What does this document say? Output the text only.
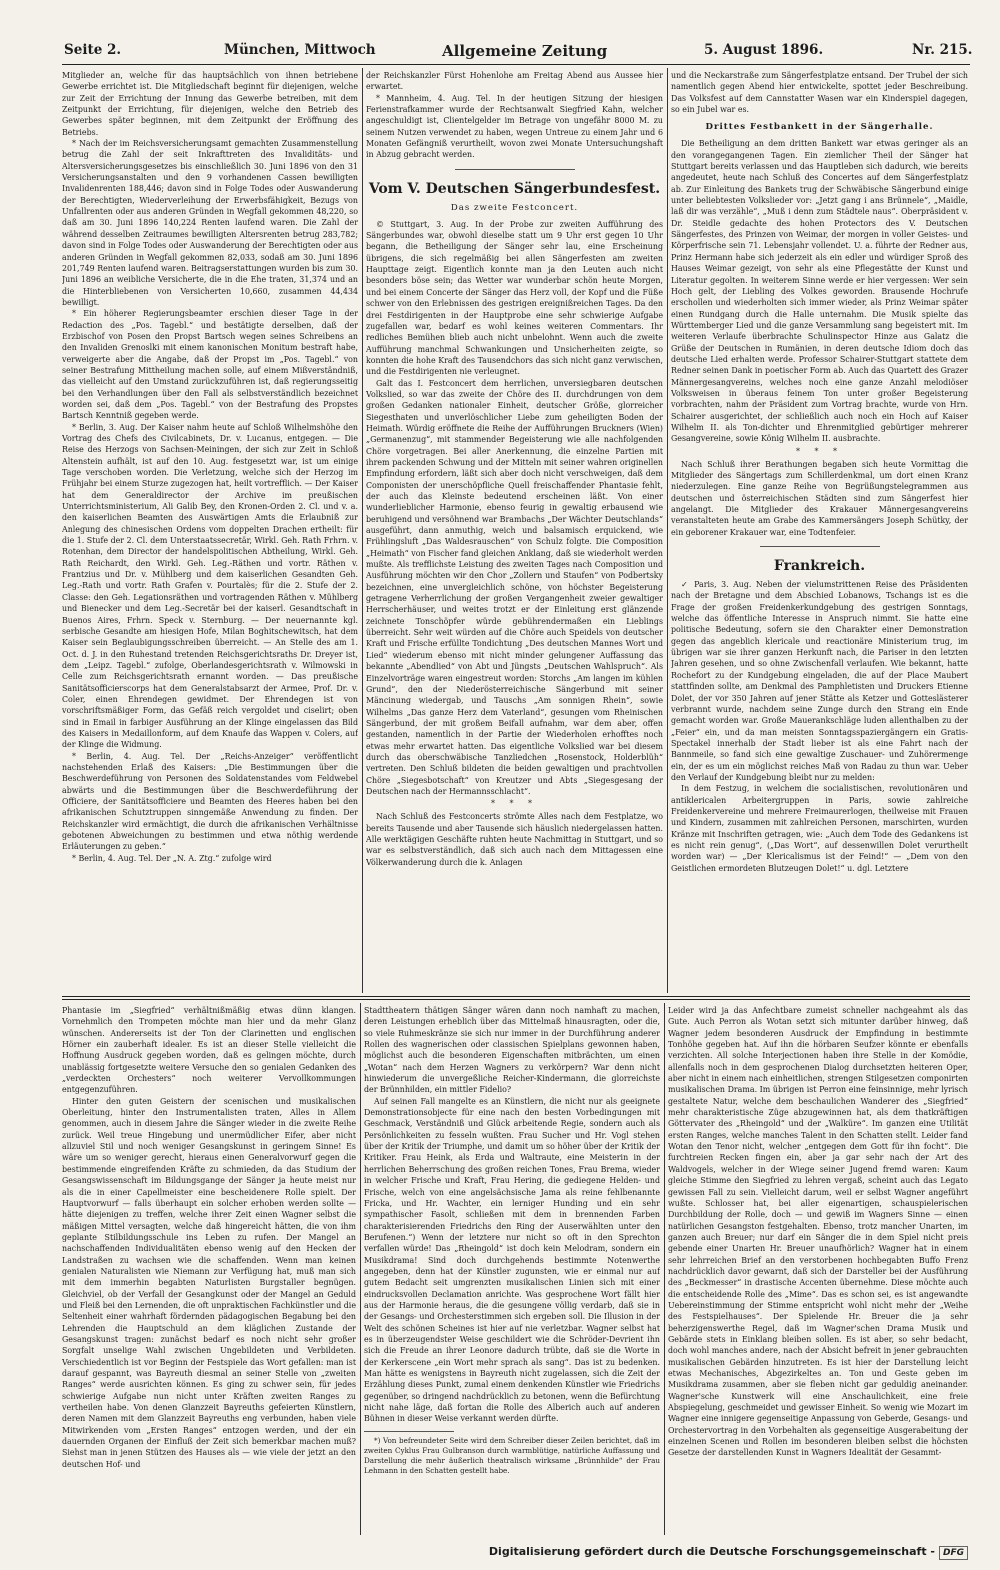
Seite 2.	München, Mittwoch	Allgemeine Zeitung	5. August 1896.	Nr. 215.

Mitglieder an, welche für das hauptsächlich von ihnen betriebene Gewerbe errichtet ist. Die Mitgliedschaft beginnt für diejenigen, welche zur Zeit der Errichtung der Innung das Gewerbe betreiben, mit dem Zeitpunkt der Errichtung, für diejenigen, welche den Betrieb des Gewerbes später beginnen, mit dem Zeitpunkt der Eröffnung des Betriebs.

* Nach der im Reichsversicherungsamt gemachten Zusammenstellung betrug die Zahl der seit Inkrafttreten des Invaliditäts- und Altersversicherungsgesetzes bis einschließlich 30. Juni 1896 von den 31 Versicherungsanstalten und den 9 vorhandenen Cassen bewilligten Invalidenrenten 188,446; davon sind in Folge Todes oder Auswanderung der Berechtigten, Wiederverleihung der Erwerbsfähigkeit, Bezugs von Unfallrenten oder aus anderen Gründen in Wegfall gekommen 48,220, so daß am 30. Juni 1896 140,224 Renten laufend waren. Die Zahl der während desselben Zeitraumes bewilligten Altersrenten betrug 283,782; davon sind in Folge Todes oder Auswanderung der Berechtigten oder aus anderen Gründen in Wegfall gekommen 82,033, sodaß am 30. Juni 1896 201,749 Renten laufend waren. Beitragserstattungen wurden bis zum 30. Juni 1896 an weibliche Versicherte, die in die Ehe traten, 31,374 und an die Hinterbliebenen von Versicherten 10,660, zusammen 44,434 bewilligt.

* Ein höherer Regierungsbeamter erschien dieser Tage in der Redaction des „Pos. Tagebl.“ und bestätigte derselben, daß der Erzbischof von Posen den Propst Bartsch wegen seines Schreibens an den Invaliden Grenoslki mit einem kanonischen Monitum bestraft habe, verweigerte aber die Angabe, daß der Propst im „Pos. Tagebl.“ von seiner Bestrafung Mittheilung machen solle, auf einem Mißverständniß, das vielleicht auf den Umstand zurückzuführen ist, daß regierungsseitig bei den Verhandlungen über den Fall als selbstverständlich bezeichnet worden sei, daß dem „Pos. Tagebl.“ von der Bestrafung des Propstes Bartsch Kenntniß gegeben werde.

* Berlin, 3. Aug. Der Kaiser nahm heute auf Schloß Wilhelmshöhe den Vortrag des Chefs des Civilcabinets, Dr. v. Lucanus, entgegen. — Die Reise des Herzogs von Sachsen-Meiningen, der sich zur Zeit in Schloß Altenstein aufhält, ist auf den 10. Aug. festgesetzt war, ist um einige Tage verschoben worden. Die Verletzung, welche sich der Herzog im Frühjahr bei einem Sturze zugezogen hat, heilt vortrefflich. — Der Kaiser hat dem Generaldirector der Archive im preußischen Unterrichtsministerium, Ali Galib Bey, den Kronen-Orden 2. Cl. und v. a. den kaiserlichen Beamten des Auswärtigen Amts die Erlaubniß zur Anlegung des chinesischen Ordens vom doppelten Drachen ertheilt: für die 1. Stufe der 2. Cl. dem Unterstaatssecretär, Wirkl. Geh. Rath Frhrn. v. Rotenhan, dem Director der handelspolitischen Abtheilung, Wirkl. Geh. Rath Reichardt, den Wirkl. Geh. Leg.-Räthen und vortr. Räthen v. Frantzius und Dr. v. Mühlberg und dem kaiserlichen Gesandten Geh. Leg.-Rath und vortr. Rath Grafen v. Pourtalès; für die 2. Stufe der 2. Classe: den Geh. Legationsräthen und vortragenden Räthen v. Mühlberg und Bienecker und dem Leg.-Secretär bei der kaiserl. Gesandtschaft in Buenos Aires, Frhrn. Speck v. Sternburg. — Der neuernannte kgl. serbische Gesandte am hiesigen Hofe, Milan Boghitschewitsch, hat dem Kaiser sein Beglaubigungsschreiben überreicht. — An Stelle des am 1. Oct. d. J. in den Ruhestand tretenden Reichsgerichtsraths Dr. Dreyer ist, dem „Leipz. Tagebl.“ zufolge, Oberlandesgerichtsrath v. Wilmowski in Celle zum Reichsgerichtsrath ernannt worden. — Das preußische Sanitätsofficierscorps hat dem Generalstabsarzt der Armee, Prof. Dr. v. Coler, einen Ehrendegen gewidmet. Der Ehrendegen ist von vorschriftsmäßiger Form, das Gefäß reich vergoldet und ciselirt; oben sind in Email in farbiger Ausführung an der Klinge eingelassen das Bild des Kaisers in Medaillonform, auf dem Knaufe das Wappen v. Colers, auf der Klinge die Widmung.

* Berlin, 4. Aug. Tel. Der „Reichs-Anzeiger“ veröffentlicht nachstehenden Erlaß des Kaisers: „Die Bestimmungen über die Beschwerdeführung von Personen des Soldatenstandes vom Feldwebel abwärts und die Bestimmungen über die Beschwerdeführung der Officiere, der Sanitätsofficiere und Beamten des Heeres haben bei den afrikanischen Schutztruppen sinngemäße Anwendung zu finden. Der Reichskanzler wird ermächtigt, die durch die afrikanischen Verhältnisse gebotenen Abweichungen zu bestimmen und etwa nöthig werdende Erläuterungen zu geben.“

* Berlin, 4. Aug. Tel. Der „N. A. Ztg.“ zufolge wird

der Reichskanzler Fürst Hohenlohe am Freitag Abend aus Aussee hier erwartet.

* Mannheim, 4. Aug. Tel. In der heutigen Sitzung der hiesigen Ferienstrafkammer wurde der Rechtsanwalt Siegfried Kahn, welcher angeschuldigt ist, Clientelgelder im Betrage von ungefähr 8000 M. zu seinem Nutzen verwendet zu haben, wegen Untreue zu einem Jahr und 6 Monaten Gefängniß verurtheilt, wovon zwei Monate Untersuchungshaft in Abzug gebracht werden.

Vom V. Deutschen Sängerbundesfest.
Das zweite Festconcert.

© Stuttgart, 3. Aug. In der Probe zur zweiten Aufführung des Sängerbundes war, obwohl dieselbe statt um 9 Uhr erst gegen 10 Uhr begann, die Betheiligung der Sänger sehr lau, eine Erscheinung übrigens, die sich regelmäßig bei allen Sängerfesten am zweiten Haupttage zeigt. Eigentlich konnte man ja den Leuten auch nicht besonders böse sein; das Wetter war wunderbar schön heute Morgen, und bei einem Concerte der Sänger das Herz voll, der Kopf und die Füße schwer von den Erlebnissen des gestrigen ereignißreichen Tages. Da den drei Festdirigenten in der Hauptprobe eine sehr schwierige Aufgabe zugefallen war, bedarf es wohl keines weiteren Commentars. Ihr redliches Bemühen blieb auch nicht unbelohnt. Wenn auch die zweite Aufführung manchmal Schwankungen und Unsicherheiten zeigte, so konnten die hohe Kraft des Tausendchors das sich nicht ganz verwischen, und die Festdirigenten nie verleugnet.

Galt das I. Festconcert dem herrlichen, unversiegbaren deutschen Volkslied, so war das zweite der Chöre des II. durchdrungen von dem großen Gedanken nationaler Einheit, deutscher Größe, glorreicher Siegesthaten und unverlöschlicher Liebe zum geheiligten Boden der Heimath. Würdig eröffnete die Reihe der Aufführungen Bruckners (Wien) „Germanenzug“, mit stammender Begeisterung wie alle nachfolgenden Chöre vorgetragen. Bei aller Anerkennung, die einzelne Partien mit ihrem packenden Schwung und der Mitteln mit seiner wahren originellen Empfindung erfordern, läßt sich aber doch nicht verschweigen, daß dem Componisten der unerschöpfliche Quell freischaffender Phantasie fehlt, der auch das Kleinste bedeutend erscheinen läßt. Von einer wunderlieblicher Harmonie, ebenso feurig in gewaltig erbausend wie beruhigend und versöhnend war Brambachs „Der Wächter Deutschlands“ ausgeführt, dann anmuthig, weich und balsamisch erquickend, wie Frühlingsluft „Das Waldesrauschen“ von Schulz folgte. Die Composition „Heimath“ von Fischer fand gleichen Anklang, daß sie wiederholt werden mußte. Als trefflichste Leistung des zweiten Tages nach Composition und Ausführung möchten wir den Chor „Zollern und Staufen“ von Podbertsky bezeichnen, eine unvergleichlich schöne, von höchster Begeisterung getragene Verherrlichung der großen Vergangenheit zweier gewaltiger Herrscherhäuser, und weites trotzt er der Einleitung erst glänzende zeichnete Tonschöpfer würde gebührendermaßen ein Lieblings überreicht. Sehr weit würden auf die Chöre auch Speidels von deutscher Kraft und Frische erfüllte Tondichtung „Des deutschen Mannes Wort und Lied“ wiederum ebenso mit nicht minder gelungener Auffassung das bekannte „Abendlied“ von Abt und Jüngsts „Deutschen Wahlspruch“. Als Einzelvorträge waren eingestreut worden: Storchs „Am langen im kühlen Grund“, den der Niederösterreichische Sängerbund mit seiner Mäncinung wiedergab, und Tauschs „Am sonnigen Rhein“, sowie Wilhelms „Das ganze Herz dem Vaterland“, gesungen vom Rheinischen Sängerbund, der mit großem Beifall aufnahm, war dem aber, offen gestanden, namentlich in der Partie der Wiederholen erhofftes noch etwas mehr erwartet hatten. Das eigentliche Volkslied war bei diesem durch das oberschwäbische Tanzliedchen „Rosenstock, Holderblüh“ vertreten. Den Schluß bildeten die beiden gewaltigen und prachtvollen Chöre „Siegesbotschaft“ von Kreutzer und Abts „Siegesgesang der Deutschen nach der Hermannsschlacht“.

* * *

Nach Schluß des Festconcerts strömte Alles nach dem Festplatze, wo bereits Tausende und aber Tausende sich häuslich niedergelassen hatten. Alle werktägigen Geschäfte ruhten heute Nachmittag in Stuttgart, und so war es selbstverständlich, daß sich auch nach dem Mittagessen eine Völkerwanderung durch die k. Anlagen

und die Neckarstraße zum Sängerfestplatze entsand. Der Trubel der sich namentlich gegen Abend hier entwickelte, spottet jeder Beschreibung. Das Volksfest auf dem Cannstatter Wasen war ein Kinderspiel dagegen, so ein Jubel war es.

Drittes Festbankett in der Sängerhalle.

Die Betheiligung an dem dritten Bankett war etwas geringer als an den vorangegangenen Tagen. Ein ziemlicher Theil der Sänger hat Stuttgart bereits verlassen und das Hauptleben sich dadurch, wie bereits angedeutet, heute nach Schluß des Concertes auf dem Sängerfestplatz ab. Zur Einleitung des Bankets trug der Schwäbische Sängerbund einige unter beliebtesten Volkslieder vor: „Jetzt gang i ans Brünnele“, „Maidle, laß dir was verzähle“, „Muß i denn zum Städtele naus“. Oberpräsident v. Dr. Steidle gedachte des hohen Protectors des V. Deutschen Sängerfestes, des Prinzen von Weimar, der morgen in voller Geistes- und Körperfrische sein 71. Lebensjahr vollendet. U. a. führte der Redner aus, Prinz Hermann habe sich jederzeit als ein edler und würdiger Sproß des Hauses Weimar gezeigt, von sehr als eine Pflegestätte der Kunst und Literatur gegolten. In weiterem Sinne werde er hier vergessen: Wer sein Hoch gelt, der Liebling des Volkes geworden. Brausende Hochrufe erschollen und wiederholten sich immer wieder, als Prinz Weimar später einen Rundgang durch die Halle unternahm. Die Musik spielte das Württemberger Lied und die ganze Versammlung sang begeistert mit. Im weiteren Verlaufe überbrachte Schulinspector Hinze aus Galatz die Grüße der Deutschen in Rumänien, in deren deutsche Idiom doch das deutsche Lied erhalten werde. Professor Schairer-Stuttgart stattete dem Redner seinen Dank in poetischer Form ab. Auch das Quartett des Grazer Männergesangvereins, welches noch eine ganze Anzahl melodiöser Volksweisen in überaus feinem Ton unter großer Begeisterung vorbrachten, nahm der Präsident zum Vortrag brachte, wurde von Hrn. Schairer ausgerichtet, der schließlich auch noch ein Hoch auf Kaiser Wilhelm II. als Ton-dichter und Ehrenmitglied gebürtiger mehrerer Gesangvereine, sowie König Wilhelm II. ausbrachte.

* * *

Nach Schluß ihrer Berathungen begaben sich heute Vormittag die Mitglieder des Sängertags zum Schillerdenkmal, um dort einen Kranz niederzulegen. Eine ganze Reihe von Begrüßungstelegrammen aus deutschen und österreichischen Städten sind zum Sängerfest hier angelangt. Die Mitglieder des Krakauer Männergesangvereins veranstalteten heute am Grabe des Kammersängers Joseph Schütky, der ein geborener Krakauer war, eine Todtenfeier.

Frankreich.

✓ Paris, 3. Aug. Neben der vielumstrittenen Reise des Präsidenten nach der Bretagne und dem Abschied Lobanows, Tschangs ist es die Frage der großen Freidenkerkundgebung des gestrigen Sonntags, welche das öffentliche Interesse in Anspruch nimmt. Sie hatte eine politische Bedeutung, sofern sie den Charakter einer Demonstration gegen das angeblich klericale und reactionäre Ministerium trug, im übrigen war sie ihrer ganzen Herkunft nach, die Pariser in den letzten Jahren gesehen, und so ohne Zwischenfall verlaufen. Wie bekannt, hatte Rochefort zu der Kundgebung eingeladen, die auf der Place Maubert stattfinden sollte, am Denkmal des Pamphletisten und Druckers Etienne Dolet, der vor 350 Jahren auf jener Stätte als Ketzer und Gotteslästerer verbrannt wurde, nachdem seine Zunge durch den Strang ein Ende gemacht worden war. Große Mauerankschläge luden allenthalben zu der „Feier“ ein, und da man meisten Sonntagsspaziergängern ein Gratis-Spectakel innerhalb der Stadt lieber ist als eine Fahrt nach der Bannmeile, so fand sich eine gewaltige Zuschauer- und Zuhörermenge ein, der es um ein möglichst reiches Maß von Radau zu thun war. Ueber den Verlauf der Kundgebung bleibt nur zu melden:

In dem Festzug, in welchem die socialistischen, revolutionären und antiklericalen Arbeitergruppen in Paris, sowie zahlreiche Freidenkervereine und mehrere Freimaurerlogen, theilweise mit Frauen und Kindern, zusammen mit zahlreichen Personen, marschirten, wurden Kränze mit Inschriften getragen, wie: „Auch dem Tode des Gedankens ist es nicht rein genug“, („Das Wort“, auf dessenwillen Dolet verurtheilt worden war) — „Der Klericalismus ist der Feind!“ — „Dem von den Geistlichen ermordeten Blutzeugen Dolet!“ u. dgl. Letztere

Phantasie im „Siegfried“ verhältnißmäßig etwas dünn klangen. Vornehmlich den Trompeten möchte man hier und da mehr Glanz wünschen. Andererseits ist der Ton der Clarinetten und englischen Hörner ein zauberhaft idealer. Es ist an dieser Stelle vielleicht die Hoffnung Ausdruck gegeben worden, daß es gelingen möchte, durch unablässig fortgesetzte weitere Versuche den so genialen Gedanken des „verdeckten Orchesters“ noch weiterer Vervollkommungen entgegenzuführen.

Hinter den guten Geistern der scenischen und musikalischen Oberleitung, hinter den Instrumentalisten traten, Alles in Allem genommen, auch in diesem Jahre die Sänger wieder in die zweite Reihe zurück. Weil treue Hingebung und unermüdlicher Eifer, aber nicht allzuviel Stil und noch weniger Gesangskunst in geringem Sinne! Es wäre um so weniger gerecht, hieraus einen Generalvorwurf gegen die bestimmende eingreifenden Kräfte zu schmieden, da das Studium der Gesangswissenschaft im Bildungsgange der Sänger ja heute meist nur als die in einer Capellmeister eine bescheidenere Rolle spielt. Der Hauptvorwurf — falls überhaupt ein solcher erhoben werden sollte — hätte diejenigen zu treffen, welche ihrer Zeit einen Wagner selbst die mäßigen Mittel versagten, welche daß hingereicht hätten, die von ihm geplante Stilbildungsschule ins Leben zu rufen. Der Mangel an nachschaffenden Individualitäten ebenso wenig auf den Hecken der Landstraßen zu wachsen wie die schaffenden. Wenn man keinen genialen Naturalisten wie Niemann zur Verfügung hat, muß man sich mit dem immerhin begabten Naturlisten Burgstaller begnügen. Gleichviel, ob der Verfall der Gesangkunst oder der Mangel an Geduld und Fleiß bei den Lernenden, die oft unpraktischen Fachkünstler und die Seltenheit einer wahrhaft fördernden pädagogischen Begabung bei den Lehrenden die Hauptschuld an dem kläglichen Zustande der Gesangskunst tragen: zunächst bedarf es noch nicht sehr großer Sorgfalt unselige Wahl zwischen Ungebildeten und Verbildeten. Verschiedentlich ist vor Beginn der Festspiele das Wort gefallen: man ist darauf gespannt, was Bayreuth diesmal an seiner Stelle von „zweiten Ranges“ werde ausrichten können. Es ging zu schwer sein, für jedes schwierige Aufgabe nun nicht unter Kräften zweiten Ranges zu vertheilen habe. Von denen Glanzzeit Bayreuths gefeierten Künstlern, deren Namen mit dem Glanzzeit Bayreuths eng verbunden, haben viele Mitwirkenden vom „Ersten Ranges“ entzogen werden, und der ein dauernden Organen der Einfluß der Zeit sich bemerkbar machen muß? Siehst man in jenen Stützen des Hauses als — wie viele der jetzt an den deutschen Hof- und

Stadttheatern thätigen Sänger wären dann noch namhaft zu machen, deren Leistungen erheblich über das Mittelmaß hinausragten, oder die, so viele Ruhmeskränze sie sich nur immer in der Durchführung anderer Rollen des wagnerischen oder classischen Spielplans gewonnen haben, möglichst auch die besonderen Eigenschaften mitbrächten, um einen „Wotan“ nach dem Herzen Wagners zu verkörpern? War denn nicht hinwiederum die unvergeßliche Reicher-Kindermann, die glorreichste der Brünnhilden, ein mittler Fidelio?

Auf seinen Fall mangelte es an Künstlern, die nicht nur als geeignete Demonstrationsobjecte für eine nach den besten Vorbedingungen mit Geschmack, Verständniß und Glück arbeitende Regie, sondern auch als Persönlichkeiten zu fesseln wußten. Frau Sucher und Hr. Vogl stehen über der Kritik der Triumphe, und damit um so höher über der Kritik der Kritiker. Frau Heink, als Erda und Waltraute, eine Meisterin in der herrlichen Beherrschung des großen reichen Tones, Frau Brema, wieder in welcher Frische und Kraft, Frau Hering, die gediegene Helden- und Frische, welch von eine angelsächsische Jama als reine fehlbenannte Fricka, und Hr. Wachter, ein lerniger Hunding und ein sehr sympathischer Fasolt, schließen mit dem in brennenden Farben charakterisierenden Friedrichs den Ring der Auserwählten unter den Berufenen.“) Wenn der letztere nur nicht so oft in den Sprechton verfallen würde! Das „Rheingold“ ist doch kein Melodram, sondern ein Musikdrama! Sind doch durchgehends bestimmte Notenwerthe angegeben, denn hat der Künstler zugunsten, wie er einmal nur auf gutem Bedacht seit umgrenzten musikalischen Linien sich mit einer eindrucksvollen Declamation anrichte. Was gesprochene Wort fällt hier aus der Harmonie heraus, die die gesungene völlig verdarb, daß sie in der Gesangs- und Orchesterstimmen sich ergeben soll. Die Illusion in der Welt des schönen Scheines ist hier auf nie verletzbar. Wagner selbst hat es in überzeugendster Weise geschildert wie die Schröder-Devrient ihn sich die Freude an ihrer Leonore dadurch trübte, daß sie die Worte in der Kerkerscene „ein Wort mehr sprach als sang“. Das ist zu bedenken. Man hätte es wenigstens in Bayreuth nicht zugelassen, sich die Zeit der Erzählung dieses Punkt, zumal einem denkenden Künstler wie Friedrichs gegenüber, so dringend nachdrücklich zu betonen, wenn die Befürchtung nicht nahe läge, daß fortan die Rolle des Alberich auch auf anderen Bühnen in dieser Weise verkannt werden dürfte.

*) Von befreundeter Seite wird dem Schreiber dieser Zeilen berichtet, daß im zweiten Cyklus Frau Gulbranson durch warmblütige, natürliche Auffassung und Darstellung die mehr äußerlich theatralisch wirksame „Brünnhilde“ der Frau Lehmann in den Schatten gestellt habe.

Leider wird ja das Anfechtbare zumeist schneller nachgeahmt als das Gute. Auch Perron als Wotan setzt sich mitunter darüber hinweg, daß Wagner jedem besonderen Ausdruck der Empfindung in bestimmte Tonhöhe gegeben hat. Auf ihn die hörbaren Seufzer könnte er ebenfalls verzichten. All solche Interjectionen haben ihre Stelle in der Komödie, allenfalls noch in dem gesprochenen Dialog durchsetzten heiteren Oper, aber nicht in einem nach einheitlichen, strengen Stilgesetzen componirten musikalischen Drama. Im übrigen ist Perron eine feinsinnige, mehr lyrisch gestaltete Natur, welche dem beschaulichen Wanderer des „Siegfried“ mehr charakteristische Züge abzugewinnen hat, als dem thatkräftigen Göttervater des „Rheingold“ und der „Walküre“. Im ganzen eine Utilität ersten Ranges, welche manches Talent in den Schatten stellt. Leider fand Wotan den Tenor nicht, welcher „entgegen dem Gott für ihn focht“. Die furchtreien Recken fingen ein, aber ja gar sehr nach der Art des Waldvogels, welcher in der Wiege seiner Jugend fremd waren: Kaum gleiche Stimme den Siegfried zu lehren vergaß, scheint auch das Legato gewissen Fall zu sein. Vielleicht darum, weil er selbst Wagner angeführt wußte. Schlosser hat, bei aller eigenartigen, schauspielerischen Durchbildung der Rolle, doch — und gewiß im Wagners Sinne — einen natürlichen Gesangston festgehalten. Ebenso, trotz mancher Unarten, im ganzen auch Breuer; nur darf ein Sänger die in dem Spiel nicht preis gebende einer Unarten Hr. Breuer unaufhörlich? Wagner hat in einem sehr lehrreichen Brief an den verstorbenen hochbegabten Buffo Frenz nachdrücklich davor gewarnt, daß sich der Darsteller bei der Ausführung des „Beckmesser“ in drastische Accenten übernehme. Diese möchte auch die entscheidende Rolle des „Mime“. Das es schon sei, es ist angewandte Uebereinstimmung der Stimme entspricht wohl nicht mehr der „Weihe des Festspielhauses“. Der Spielende Hr. Breuer die ja sehr beherzigenswerthe Regel, daß im Wagner'schen Drama Musik und Gebärde stets in Einklang bleiben sollen. Es ist aber, so sehr bedacht, doch wohl manches andere, nach der Absicht befreit in jener gebrauchten musikalischen Gebärden hinzutreten. Es ist hier der Darstellung leicht etwas Mechanisches, Abgezirkeltes an. Ton und Geste geben im Musikdrama zusammen, aber sie fleben nicht gar geduldig aneinander. Wagner'sche Kunstwerk will eine Anschaulichkeit, eine freie Abspiegelung, geschmeidet und gewisser Einheit. So wenig wie Mozart im Wagner eine innigere gegenseitige Anpassung von Geberde, Gesangs- und Orchestervortrag in den Vorbehalten als gegenseitige Ausgerabeitung der einzelnen Scenen und Rollen im besonderen bleiben selbst die höchsten Gesetze der darstellenden Kunst in Wagners Idealität der Gesammt-

Digitalisierung gefördert durch die Deutsche Forschungsgemeinschaft - DFG
